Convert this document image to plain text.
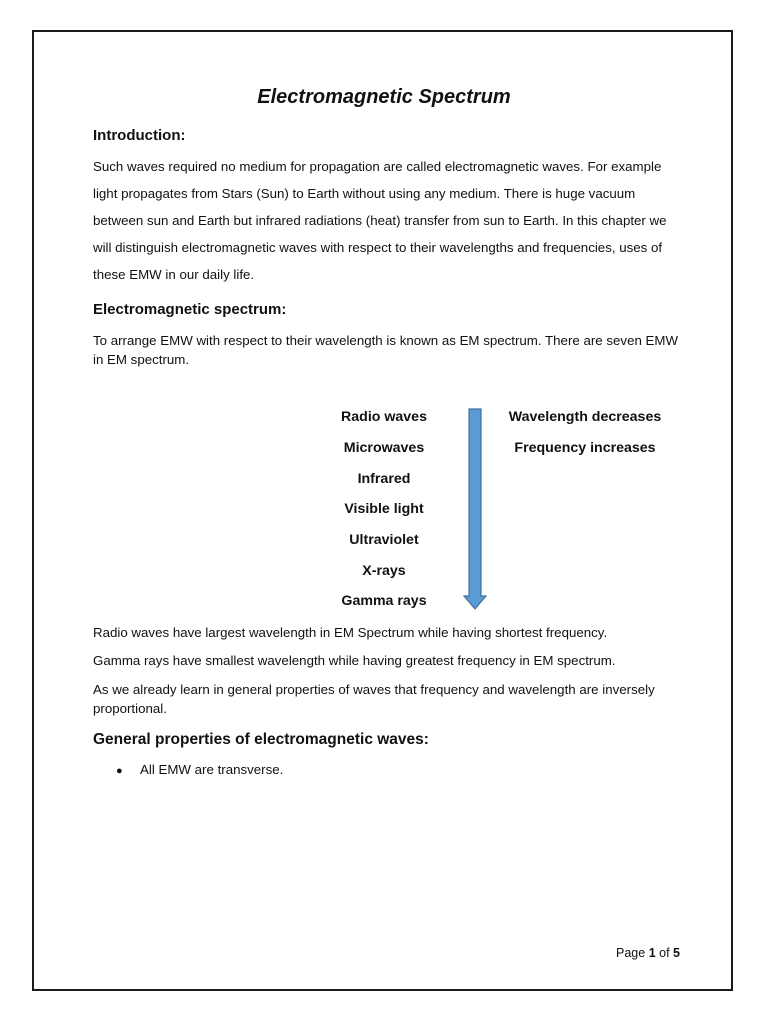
Electromagnetic Spectrum
Introduction:

Such waves required no medium for propagation are called electromagnetic waves. For example light propagates from Stars (Sun) to Earth without using any medium. There is huge vacuum between sun and Earth but infrared radiations (heat) transfer from sun to Earth. In this chapter we will distinguish electromagnetic waves with respect to their wavelengths and frequencies, uses of these EMW in our daily life.

Electromagnetic spectrum:

To arrange EMW with respect to their wavelength is known as EM spectrum. There are seven EMW in EM spectrum.

Radio waves
Microwaves
Infrared
Visible light
Ultraviolet
X-rays
Gamma rays
Wavelength decreases
Frequency increases

Radio waves have largest wavelength in EM Spectrum while having shortest frequency.

Gamma rays have smallest wavelength while having greatest frequency in EM spectrum.

As we already learn in general properties of waves that frequency and wavelength are inversely proportional.

General properties of electromagnetic waves:
● All EMW are transverse.
Page 1 of 5
